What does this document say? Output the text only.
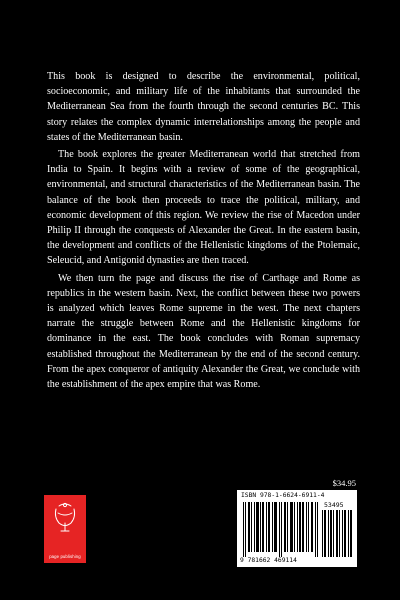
This book is designed to describe the environmental, political, socioeconomic, and military life of the inhabitants that surrounded the Mediterranean Sea from the fourth through the second centuries BC. This story relates the complex dynamic interrelationships among the people and states of the Mediterranean basin.

The book explores the greater Mediterranean world that stretched from India to Spain. It begins with a review of some of the geographical, environmental, and structural characteristics of the Mediterranean basin. The balance of the book then proceeds to trace the political, military, and economic development of this region. We review the rise of Macedon under Philip II through the conquests of Alexander the Great. In the eastern basin, the development and conflicts of the Hellenistic kingdoms of the Ptolemaic, Seleucid, and Antigonid dynasties are then traced.

We then turn the page and discuss the rise of Carthage and Rome as republics in the western basin. Next, the conflict between these two powers is analyzed which leaves Rome supreme in the west. The next chapters narrate the struggle between Rome and the Hellenistic kingdoms for dominance in the east. The book concludes with Roman supremacy established throughout the Mediterranean by the end of the second century. From the apex conqueror of antiquity Alexander the Great, we conclude with the establishment of the apex empire that was Rome.

$34.95
ISBN 978-1-6624-6911-4
53495
9 781662 469114
page publishing
